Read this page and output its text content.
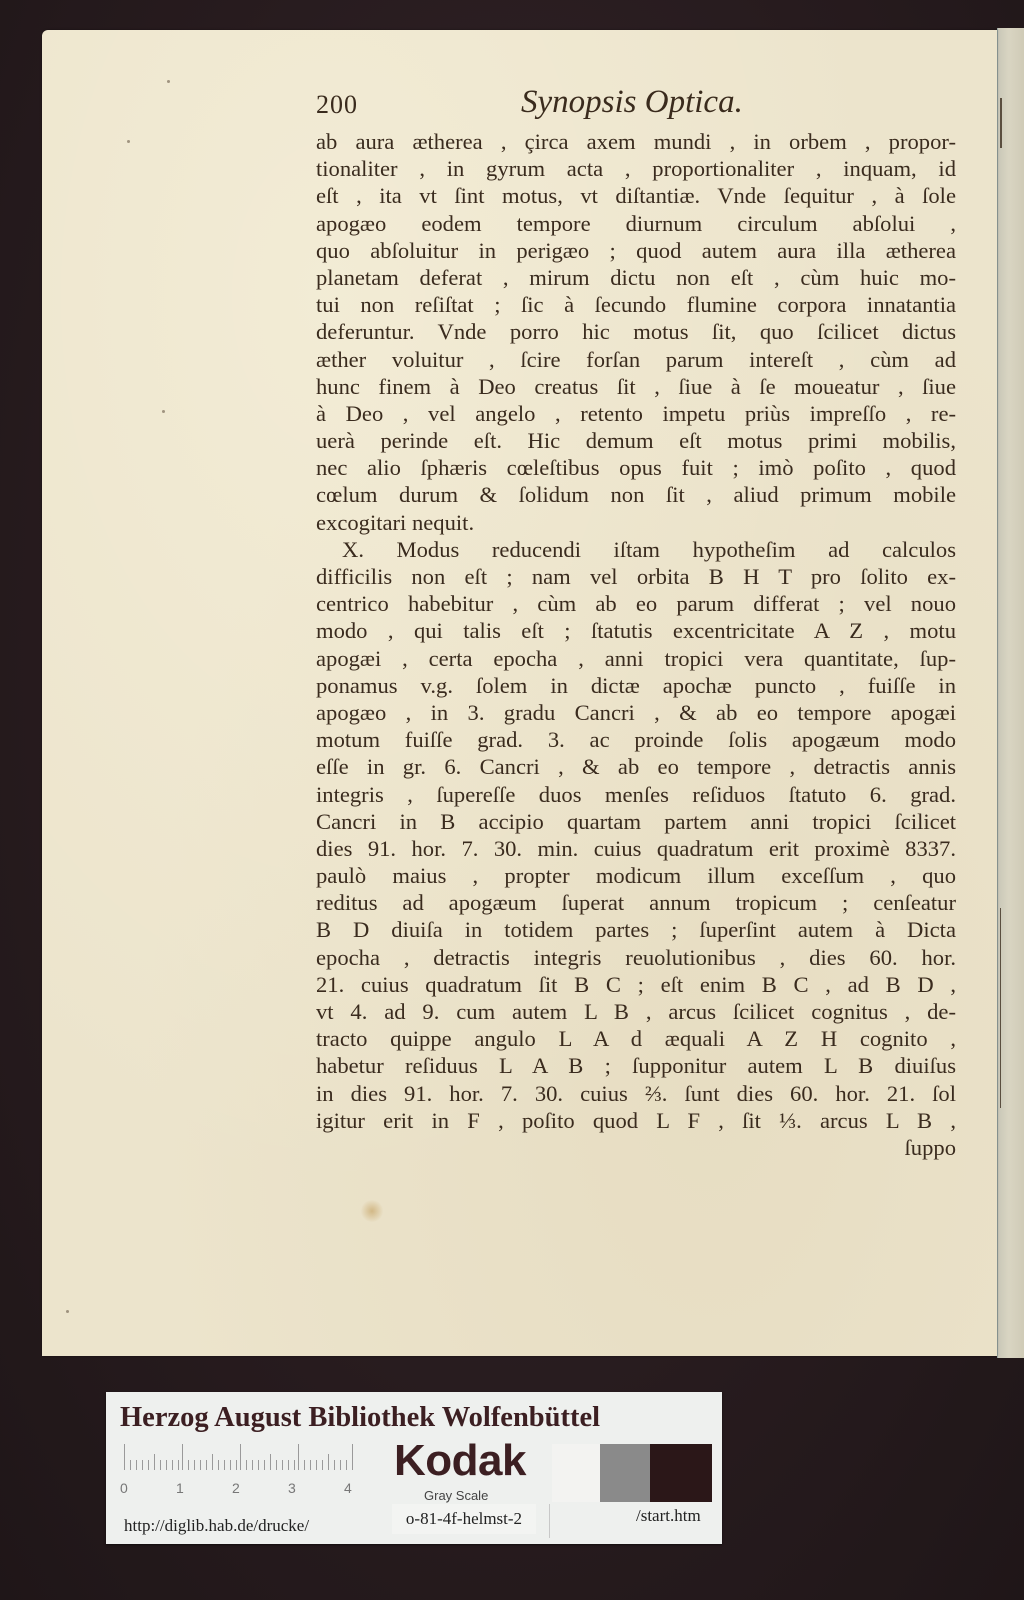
200	Synopsis Optica.
ab aura ætherea , çirca axem mundi , in orbem , propor-
tionaliter , in gyrum acta , proportionaliter , inquam, id
eſt , ita vt ſint motus, vt diſtantiæ. Vnde ſequitur , à ſole
apogæo eodem tempore diurnum circulum abſolui ,
quo abſoluitur in perigæo ; quod autem aura illa ætherea
planetam deferat , mirum dictu non eſt , cùm huic mo-
tui non reſiſtat ; ſic à ſecundo flumine corpora innatantia
deferuntur. Vnde porro hic motus ſit, quo ſcilicet dictus
æther voluitur , ſcire forſan parum intereſt , cùm ad
hunc finem à Deo creatus ſit , ſiue à ſe moueatur , ſiue
à Deo , vel angelo , retento impetu priùs impreſſo , re-
uerà perinde eſt. Hic demum eſt motus primi mobilis,
nec alio ſphæris cœleſtibus opus fuit ; imò poſito , quod
cœlum durum & ſolidum non ſit , aliud primum mobile
excogitari nequit.
X. Modus reducendi iſtam hypotheſim ad calculos
difficilis non eſt ; nam vel orbita B H T pro ſolito ex-
centrico habebitur , cùm ab eo parum differat ; vel nouo
modo , qui talis eſt ; ſtatutis excentricitate A Z , motu
apogæi , certa epocha , anni tropici vera quantitate, ſup-
ponamus v.g. ſolem in dictæ apochæ puncto , fuiſſe in
apogæo , in 3. gradu Cancri , & ab eo tempore apogæi
motum fuiſſe grad. 3. ac proinde ſolis apogæum modo
eſſe in gr. 6. Cancri , & ab eo tempore , detractis annis
integris , ſupereſſe duos menſes reſiduos ſtatuto 6. grad.
Cancri in B accipio quartam partem anni tropici ſcilicet
dies 91. hor. 7. 30. min. cuius quadratum erit proximè 8337.
paulò maius , propter modicum illum exceſſum , quo
reditus ad apogæum ſuperat annum tropicum ; cenſeatur
B D diuiſa in totidem partes ; ſuperſint autem à Dicta
epocha , detractis integris reuolutionibus , dies 60. hor.
21. cuius quadratum ſit B C ; eſt enim B C , ad B D ,
vt 4. ad 9. cum autem L B , arcus ſcilicet cognitus , de-
tracto quippe angulo L A d æquali A Z H cognito ,
habetur reſiduus L A B ; ſupponitur autem L B diuiſus
in dies 91. hor. 7. 30. cuius ⅔. ſunt dies 60. hor. 21. ſol
igitur erit in F , poſito quod L F , ſit ⅓. arcus L B ,
ſuppo
Herzog August Bibliothek Wolfenbüttel
0	1	2	3	4
Kodak
Gray Scale
http://diglib.hab.de/drucke/	o-81-4f-helmst-2	/start.htm
